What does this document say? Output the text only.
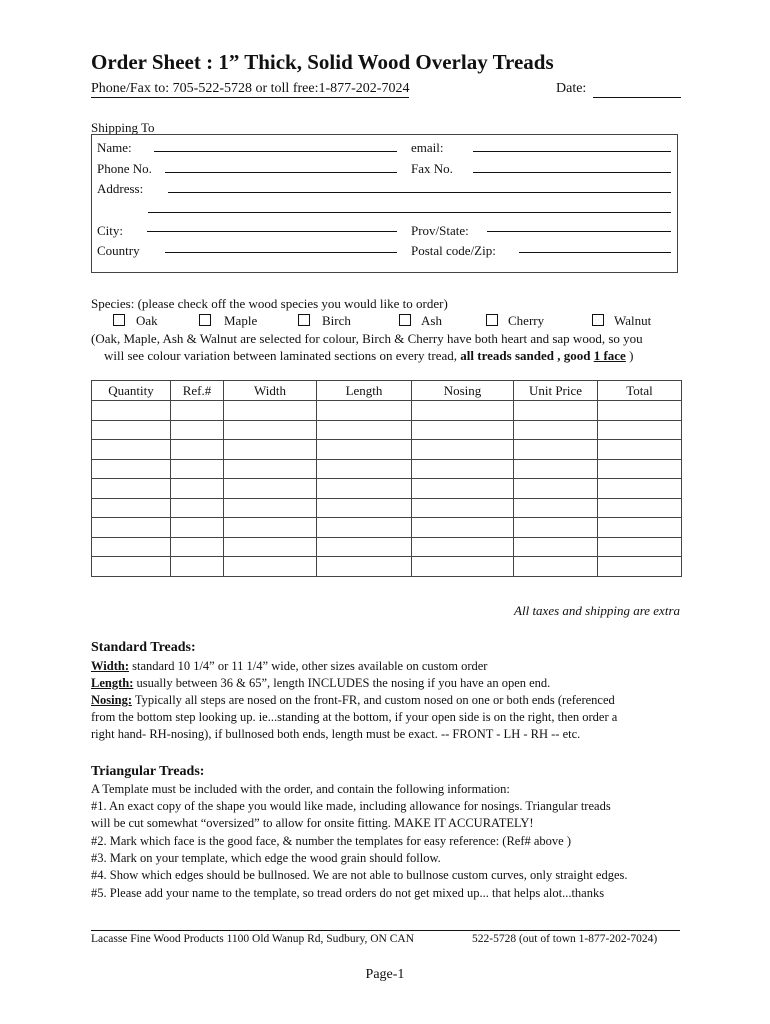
Order Sheet : 1” Thick, Solid Wood Overlay Treads
Phone/Fax to: 705-522-5728 or toll free:1-877-202-7024	Date:
Shipping To
Name:	email:
Phone No.	Fax No.
Address:
City:	Prov/State:
Country	Postal code/Zip:
Species: (please check off the wood species you would like to order)
Oak	Maple	Birch	Ash	Cherry	Walnut
(Oak, Maple, Ash & Walnut are selected for colour, Birch & Cherry have both heart and sap wood, so you
will see colour variation between laminated sections on every tread, all treads sanded , good 1 face )
Quantity	Ref.#	Width	Length	Nosing	Unit Price	Total

All taxes and shipping are extra
Standard Treads:
Width: standard 10 1/4” or 11 1/4” wide, other sizes available on custom order
Length: usually between 36 & 65”, length INCLUDES the nosing if you have an open end.
Nosing: Typically all steps are nosed on the front-FR, and custom nosed on one or both ends (referenced
from the bottom step looking up. ie...standing at the bottom, if your open side is on the right, then order a
right hand- RH-nosing), if bullnosed both ends, length must be exact. -- FRONT - LH - RH -- etc.
Triangular Treads:
A Template must be included with the order, and contain the following information:
#1. An exact copy of the shape you would like made, including allowance for nosings. Triangular treads
will be cut somewhat “oversized” to allow for onsite fitting. MAKE IT ACCURATELY!
#2. Mark which face is the good face, & number the templates for easy reference: (Ref# above )
#3. Mark on your template, which edge the wood grain should follow.
#4. Show which edges should be bullnosed. We are not able to bullnose custom curves, only straight edges.
#5. Please add your name to the template, so tread orders do not get mixed up... that helps alot...thanks
Lacasse Fine Wood Products 1100 Old Wanup Rd, Sudbury, ON CAN	522-5728 (out of town 1-877-202-7024)
Page-1
